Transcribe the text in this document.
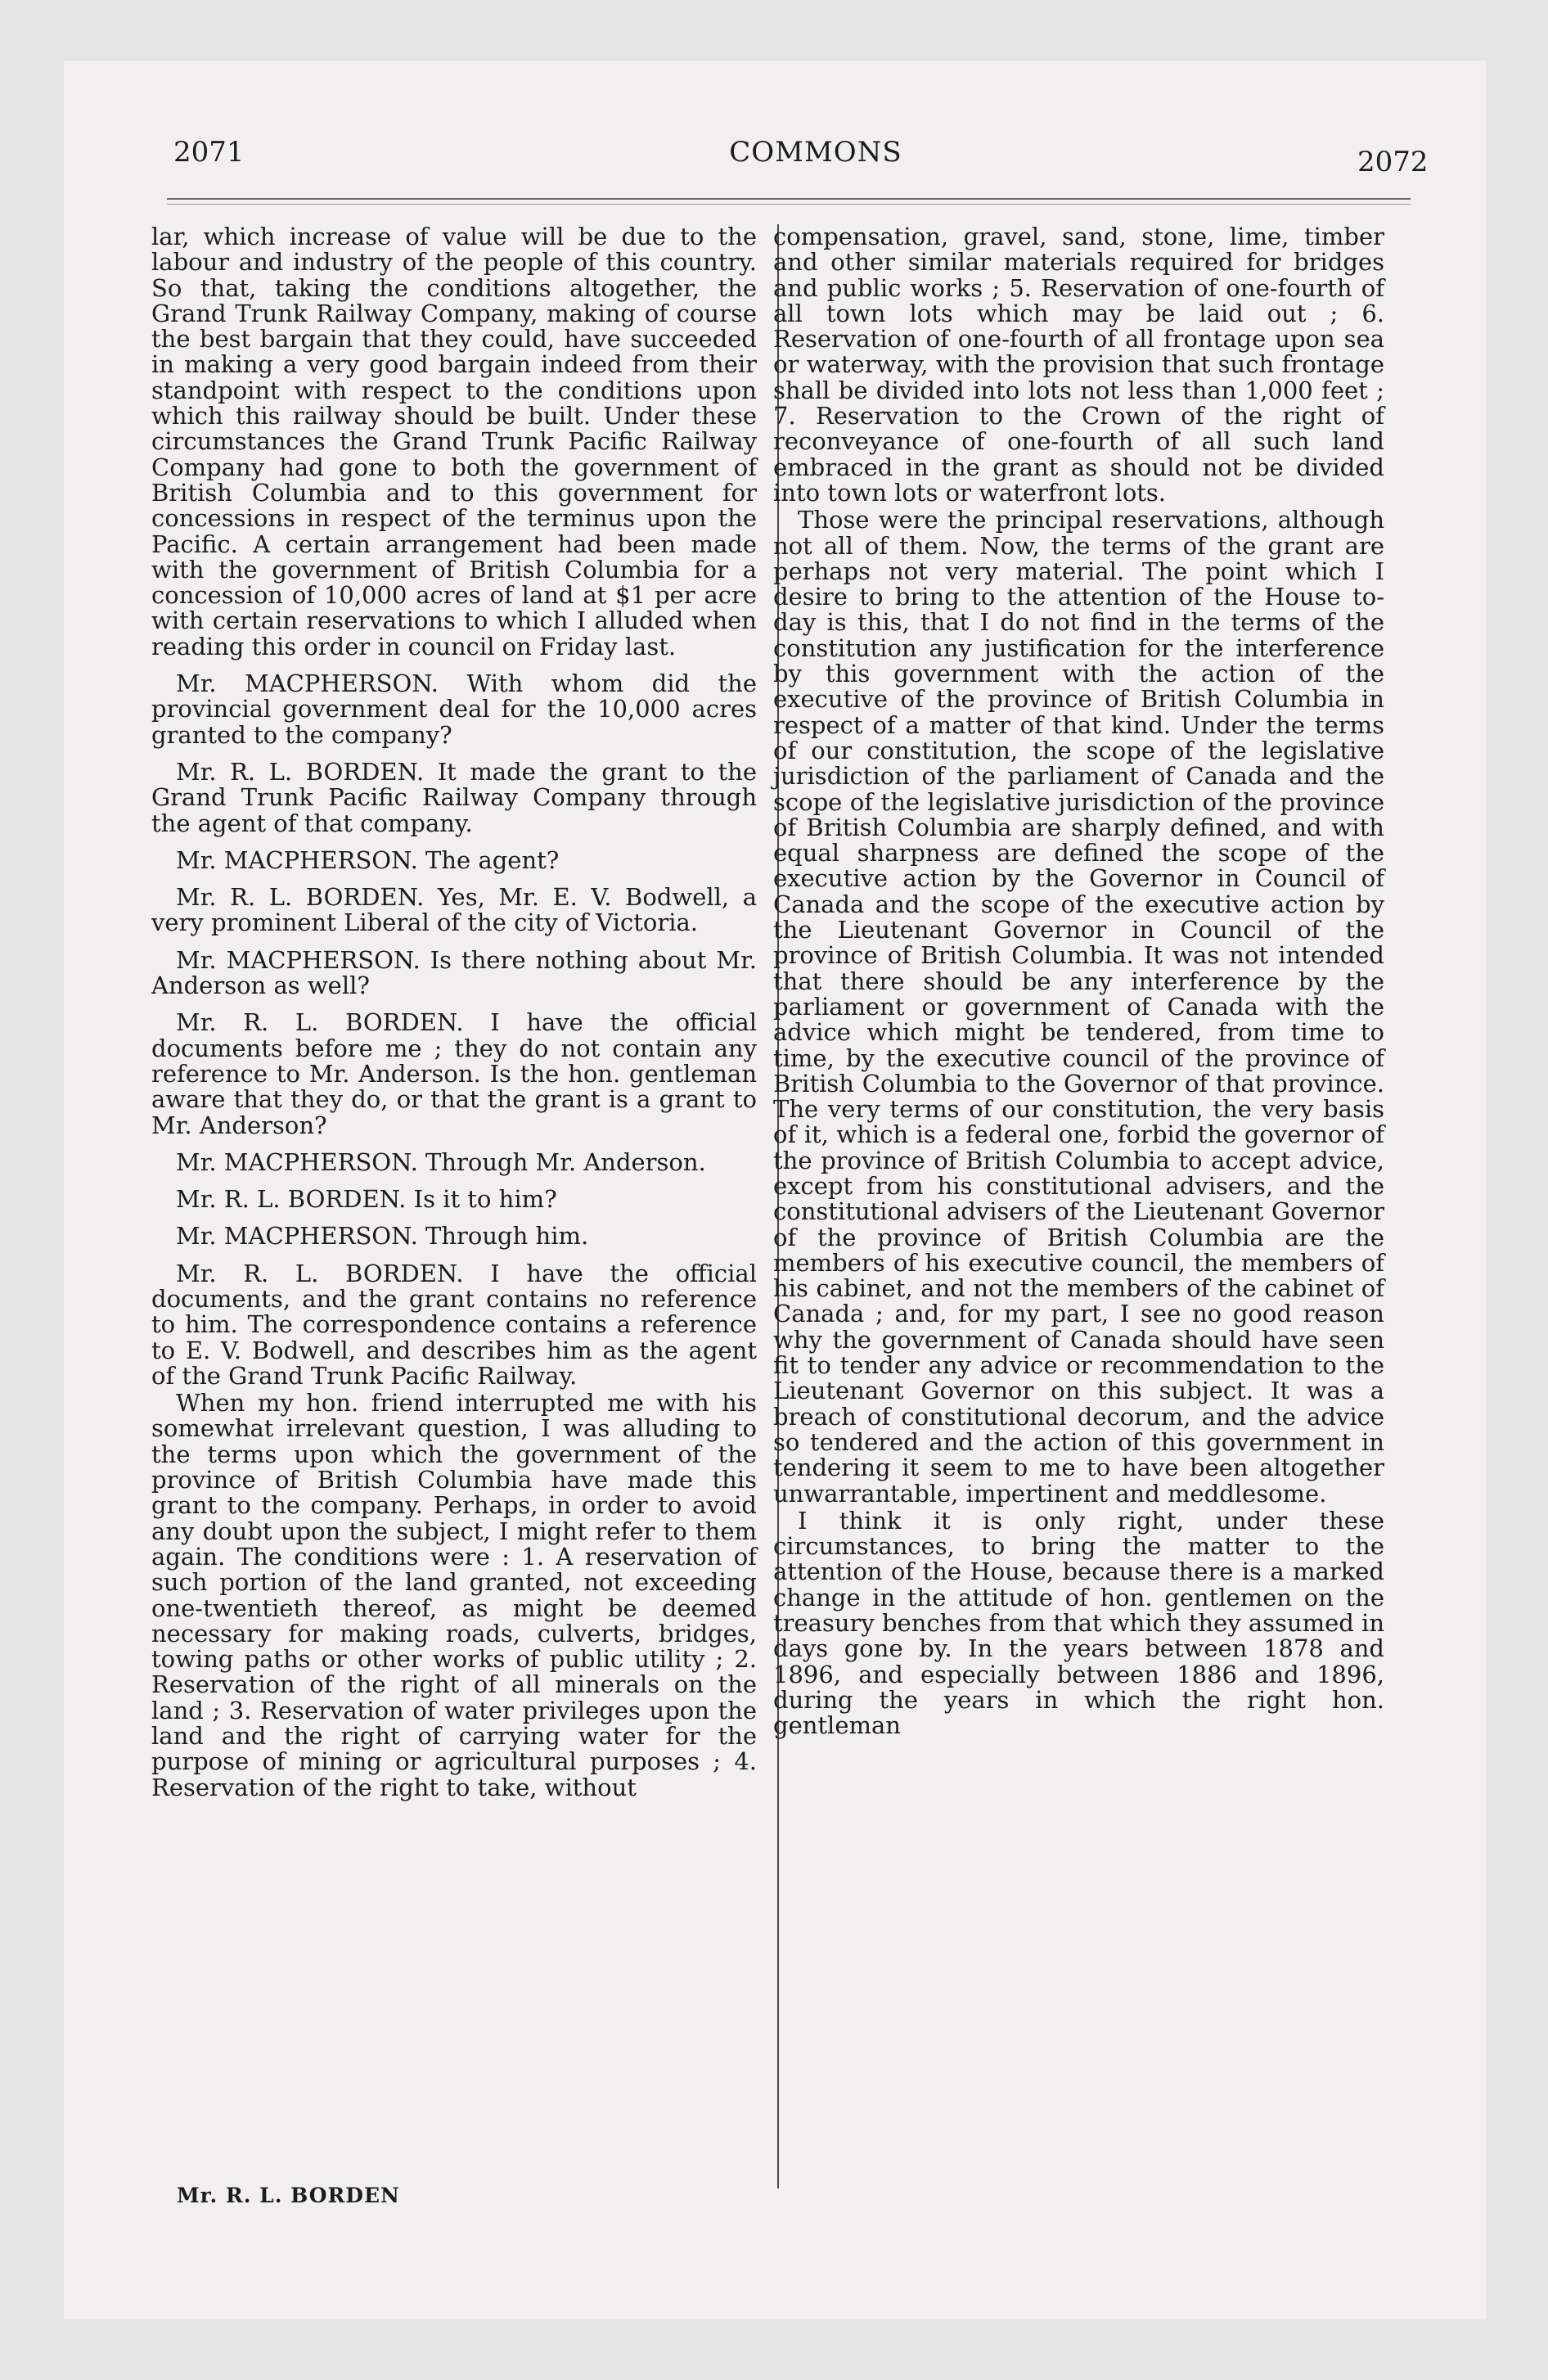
2071	COMMONS	2072

lar, which increase of value will be due to the labour and industry of the people of this country. So that, taking the conditions altogether, the Grand Trunk Railway Company, making of course the best bargain that they could, have succeeded in making a very good bargain indeed from their standpoint with respect to the conditions upon which this railway should be built. Under these circumstances the Grand Trunk Pacific Railway Company had gone to both the government of British Columbia and to this government for concessions in respect of the terminus upon the Pacific. A certain arrangement had been made with the government of British Columbia for a concession of 10,000 acres of land at $1 per acre with certain reservations to which I alluded when reading this order in council on Friday last.

Mr. MACPHERSON. With whom did the provincial government deal for the 10,000 acres granted to the company?

Mr. R. L. BORDEN. It made the grant to the Grand Trunk Pacific Railway Company through the agent of that company.

Mr. MACPHERSON. The agent?

Mr. R. L. BORDEN. Yes, Mr. E. V. Bodwell, a very prominent Liberal of the city of Victoria.

Mr. MACPHERSON. Is there nothing about Mr. Anderson as well?

Mr. R. L. BORDEN. I have the official documents before me ; they do not contain any reference to Mr. Anderson. Is the hon. gentleman aware that they do, or that the grant is a grant to Mr. Anderson?

Mr. MACPHERSON. Through Mr. Anderson.

Mr. R. L. BORDEN. Is it to him?

Mr. MACPHERSON. Through him.

Mr. R. L. BORDEN. I have the official documents, and the grant contains no reference to him. The correspondence contains a reference to E. V. Bodwell, and describes him as the agent of the Grand Trunk Pacific Railway.

When my hon. friend interrupted me with his somewhat irrelevant question, I was alluding to the terms upon which the government of the province of British Columbia have made this grant to the company. Perhaps, in order to avoid any doubt upon the subject, I might refer to them again. The conditions were : 1. A reservation of such portion of the land granted, not exceeding one-twentieth thereof, as might be deemed necessary for making roads, culverts, bridges, towing paths or other works of public utility ; 2. Reservation of the right of all minerals on the land ; 3. Reservation of water privileges upon the land and the right of carrying water for the purpose of mining or agricultural purposes ; 4. Reservation of the right to take, without

compensation, gravel, sand, stone, lime, timber and other similar materials required for bridges and public works ; 5. Reservation of one-fourth of all town lots which may be laid out ; 6. Reservation of one-fourth of all frontage upon sea or waterway, with the provision that such frontage shall be divided into lots not less than 1,000 feet ; 7. Reservation to the Crown of the right of reconveyance of one-fourth of all such land embraced in the grant as should not be divided into town lots or waterfront lots.

Those were the principal reservations, although not all of them. Now, the terms of the grant are perhaps not very material. The point which I desire to bring to the attention of the House to-day is this, that I do not find in the terms of the constitution any justification for the interference by this government with the action of the executive of the province of British Columbia in respect of a matter of that kind. Under the terms of our constitution, the scope of the legislative jurisdiction of the parliament of Canada and the scope of the legislative jurisdiction of the province of British Columbia are sharply defined, and with equal sharpness are defined the scope of the executive action by the Governor in Council of Canada and the scope of the executive action by the Lieutenant Governor in Council of the province of British Columbia. It was not intended that there should be any interference by the parliament or government of Canada with the advice which might be tendered, from time to time, by the executive council of the province of British Columbia to the Governor of that province. The very terms of our constitution, the very basis of it, which is a federal one, forbid the governor of the province of British Columbia to accept advice, except from his constitutional advisers, and the constitutional advisers of the Lieutenant Governor of the province of British Columbia are the members of his executive council, the members of his cabinet, and not the members of the cabinet of Canada ; and, for my part, I see no good reason why the government of Canada should have seen fit to tender any advice or recommendation to the Lieutenant Governor on this subject. It was a breach of constitutional decorum, and the advice so tendered and the action of this government in tendering it seem to me to have been altogether unwarrantable, impertinent and meddlesome.

I think it is only right, under these circumstances, to bring the matter to the attention of the House, because there is a marked change in the attitude of hon. gentlemen on the treasury benches from that which they assumed in days gone by. In the years between 1878 and 1896, and especially between 1886 and 1896, during the years in which the right hon. gentleman

Mr. R. L. BORDEN
